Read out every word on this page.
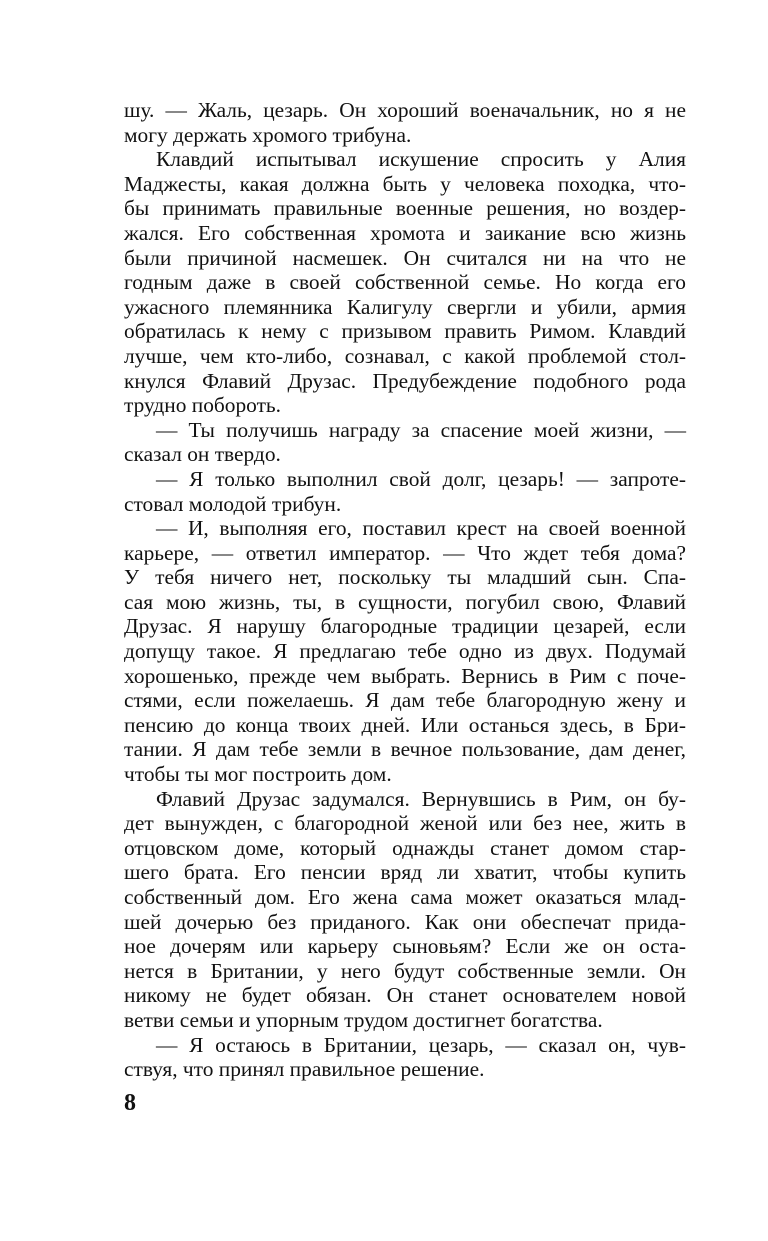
шу. — Жаль, цезарь. Он хороший военачальник, но я не
могу держать хромого трибуна.
Клавдий испытывал искушение спросить у Алия
Маджесты, какая должна быть у человека походка, что-
бы принимать правильные военные решения, но воздер-
жался. Его собственная хромота и заикание всю жизнь
были причиной насмешек. Он считался ни на что не
годным даже в своей собственной семье. Но когда его
ужасного племянника Калигулу свергли и убили, армия
обратилась к нему с призывом править Римом. Клавдий
лучше, чем кто-либо, сознавал, с какой проблемой стол-
кнулся Флавий Друзас. Предубеждение подобного рода
трудно побороть.
— Ты получишь награду за спасение моей жизни, —
сказал он твердо.
— Я только выполнил свой долг, цезарь! — запроте-
стовал молодой трибун.
— И, выполняя его, поставил крест на своей военной
карьере, — ответил император. — Что ждет тебя дома?
У тебя ничего нет, поскольку ты младший сын. Спа-
сая мою жизнь, ты, в сущности, погубил свою, Флавий
Друзас. Я нарушу благородные традиции цезарей, если
допущу такое. Я предлагаю тебе одно из двух. Подумай
хорошенько, прежде чем выбрать. Вернись в Рим с поче-
стями, если пожелаешь. Я дам тебе благородную жену и
пенсию до конца твоих дней. Или останься здесь, в Бри-
тании. Я дам тебе земли в вечное пользование, дам денег,
чтобы ты мог построить дом.
Флавий Друзас задумался. Вернувшись в Рим, он бу-
дет вынужден, с благородной женой или без нее, жить в
отцовском доме, который однажды станет домом стар-
шего брата. Его пенсии вряд ли хватит, чтобы купить
собственный дом. Его жена сама может оказаться млад-
шей дочерью без приданого. Как они обеспечат прида-
ное дочерям или карьеру сыновьям? Если же он оста-
нется в Британии, у него будут собственные земли. Он
никому не будет обязан. Он станет основателем новой
ветви семьи и упорным трудом достигнет богатства.
— Я остаюсь в Британии, цезарь, — сказал он, чув-
ствуя, что принял правильное решение.
8
